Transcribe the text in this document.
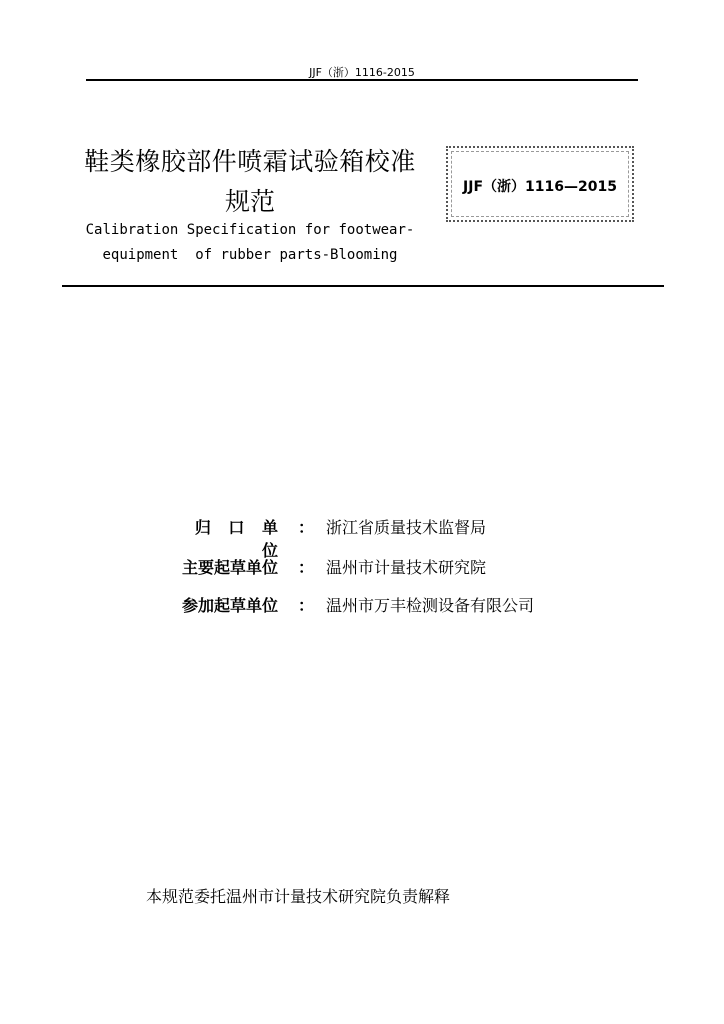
JJF（浙）1116-2015
鞋类橡胶部件喷霜试验箱校准
规范
Calibration Specification for footwear-
equipment  of rubber parts-Blooming
JJF（浙）1116—2015
归 口 单 位
： 浙江省质量技术监督局
主要起草单位 ： 温州市计量技术研究院
参加起草单位 ： 温州市万丰检测设备有限公司
本规范委托温州市计量技术研究院负责解释
